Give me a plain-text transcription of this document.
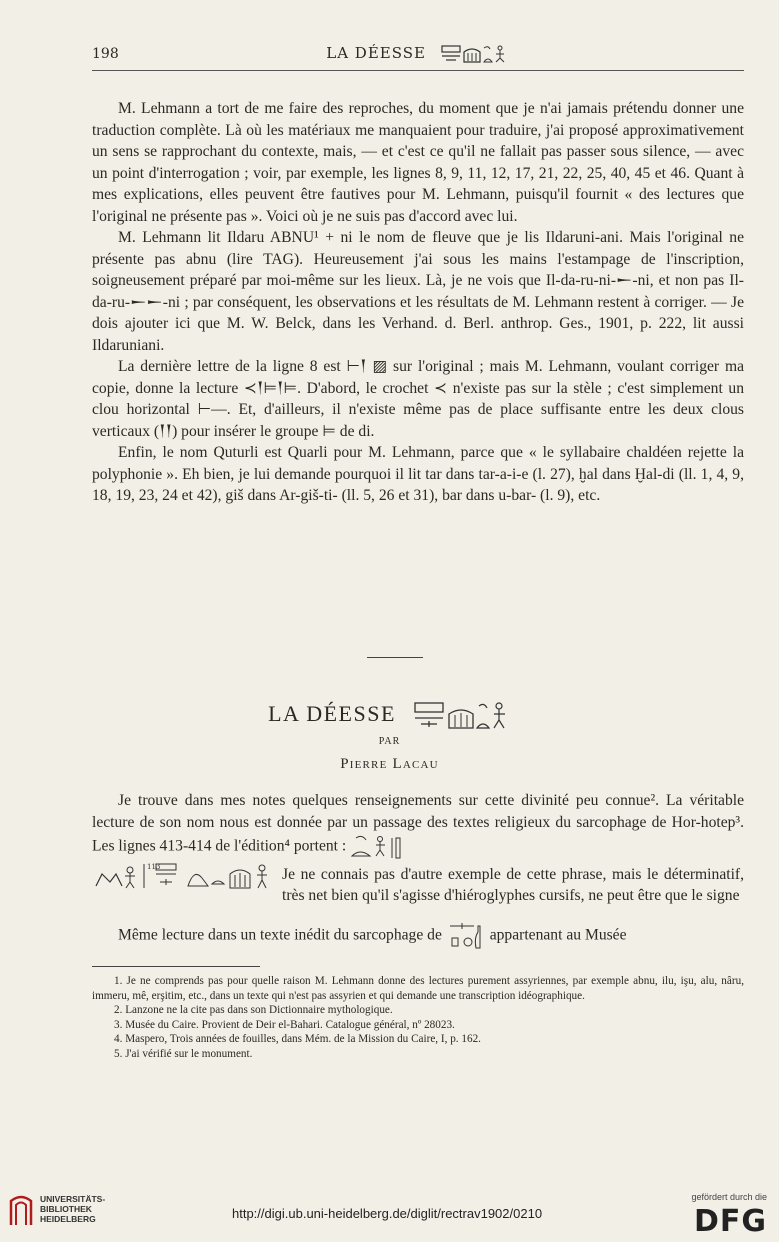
198	LA DÉESSE

M. Lehmann a tort de me faire des reproches, du moment que je n'ai jamais prétendu donner une traduction complète. Là où les matériaux me manquaient pour traduire, j'ai proposé approximativement un sens se rapprochant du contexte, mais, — et c'est ce qu'il ne fallait pas passer sous silence, — avec un point d'interrogation ; voir, par exemple, les lignes 8, 9, 11, 12, 17, 21, 22, 25, 40, 45 et 46. Quant à mes explications, elles peuvent être fautives pour M. Lehmann, puisqu'il fournit « des lectures que l'original ne présente pas ». Voici où je ne suis pas d'accord avec lui.

M. Lehmann lit Ildaru ABNU¹ + ni le nom de fleuve que je lis Ildaruni-ani. Mais l'original ne présente pas abnu (lire TAG). Heureusement j'ai sous les mains l'estampage de l'inscription, soigneusement préparé par moi-même sur les lieux. Là, je ne vois que Il-da-ru-ni-𒀸-ni, et non pas Il-da-ru-𒀸𒀸-ni ; par conséquent, les observations et les résultats de M. Lehmann restent à corriger. — Je dois ajouter ici que M. W. Belck, dans les Verhand. d. Berl. anthrop. Ges., 1901, p. 222, lit aussi Ildaruniani.

La dernière lettre de la ligne 8 est ⊢𒁹 ▨ sur l'original ; mais M. Lehmann, voulant corriger ma copie, donne la lecture ≺𒁹⊨𒁹⊨. D'abord, le crochet ≺ n'existe pas sur la stèle ; c'est simplement un clou horizontal ⊢—. Et, d'ailleurs, il n'existe même pas de place suffisante entre les deux clous verticaux (𒁹𒁹) pour insérer le groupe ⊨ de di.

Enfin, le nom Quturli est Quarli pour M. Lehmann, parce que « le syllabaire chaldéen rejette la polyphonie ». Eh bien, je lui demande pourquoi il lit tar dans tar-a-i-e (l. 27), ḫal dans Ḫal-di (ll. 1, 4, 9, 18, 19, 23, 24 et 42), giš dans Ar-giš-ti- (ll. 5, 26 et 31), bar dans u-bar- (l. 9), etc.

LA DÉESSE
PAR
Pierre Lacau

Je trouve dans mes notes quelques renseignements sur cette divinité peu connue². La véritable lecture de son nom nous est donnée par un passage des textes religieux du sarcophage de Hor-hotep³. Les lignes 413-414 de l'édition⁴ portent :

113	Je ne connais pas d'autre exemple de cette phrase, mais le déterminatif, très net bien qu'il s'agisse d'hiéroglyphes cursifs, ne peut être que le signe

Même lecture dans un texte inédit du sarcophage de	appartenant au Musée

1. Je ne comprends pas pour quelle raison M. Lehmann donne des lectures purement assyriennes, par exemple abnu, ilu, işu, alu, nâru, immeru, mê, erşitim, etc., dans un texte qui n'est pas assyrien et qui demande une transcription idéographique.

2. Lanzone ne la cite pas dans son Dictionnaire mythologique.

3. Musée du Caire. Provient de Deir el-Bahari. Catalogue général, nº 28023.

4. Maspero, Trois années de fouilles, dans Mém. de la Mission du Caire, I, p. 162.

5. J'ai vérifié sur le monument.

UNIVERSITÄTS-
BIBLIOTHEK
HEIDELBERG	http://digi.ub.uni-heidelberg.de/diglit/rectrav1902/0210
gefördert durch die
DFG
